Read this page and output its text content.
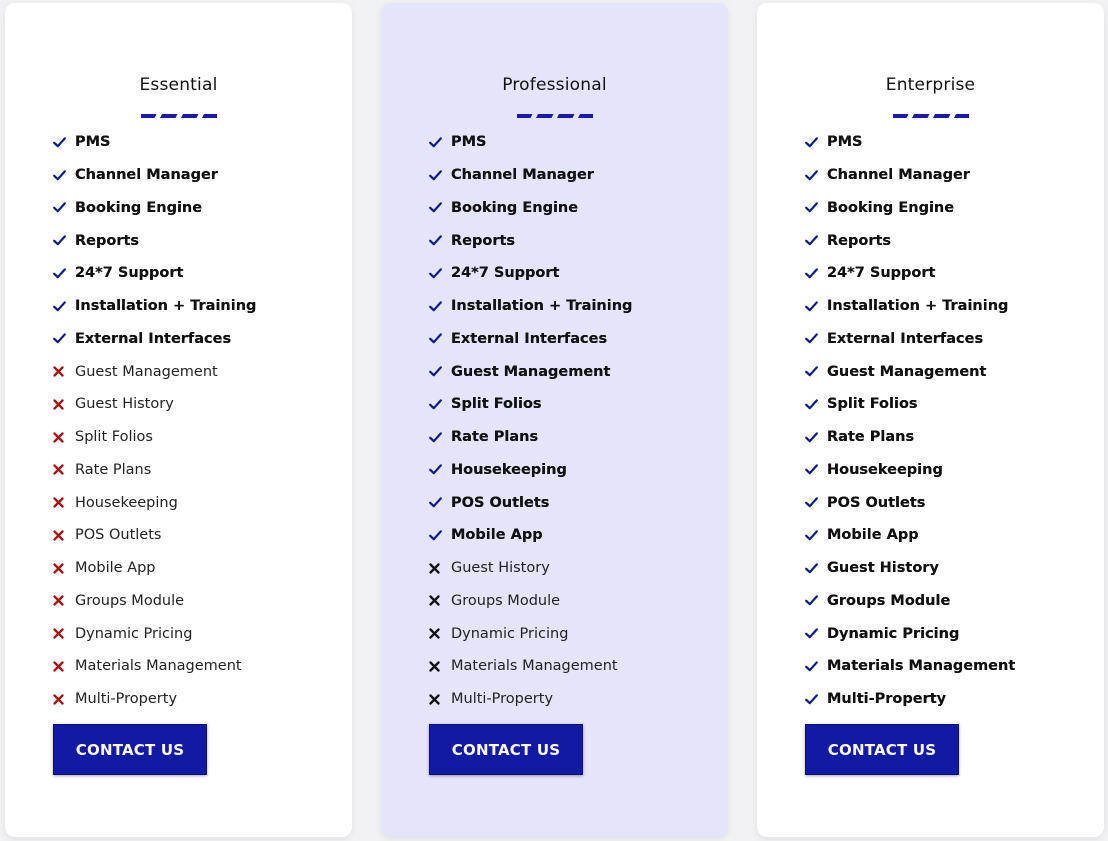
Essential
PMS
Channel Manager
Booking Engine
Reports
24*7 Support
Installation + Training
External Interfaces
Guest Management
Guest History
Split Folios
Rate Plans
Housekeeping
POS Outlets
Mobile App
Groups Module
Dynamic Pricing
Materials Management
Multi-Property
CONTACT US
Professional
PMS
Channel Manager
Booking Engine
Reports
24*7 Support
Installation + Training
External Interfaces
Guest Management
Split Folios
Rate Plans
Housekeeping
POS Outlets
Mobile App
Guest History
Groups Module
Dynamic Pricing
Materials Management
Multi-Property
CONTACT US
Enterprise
PMS
Channel Manager
Booking Engine
Reports
24*7 Support
Installation + Training
External Interfaces
Guest Management
Split Folios
Rate Plans
Housekeeping
POS Outlets
Mobile App
Guest History
Groups Module
Dynamic Pricing
Materials Management
Multi-Property
CONTACT US
